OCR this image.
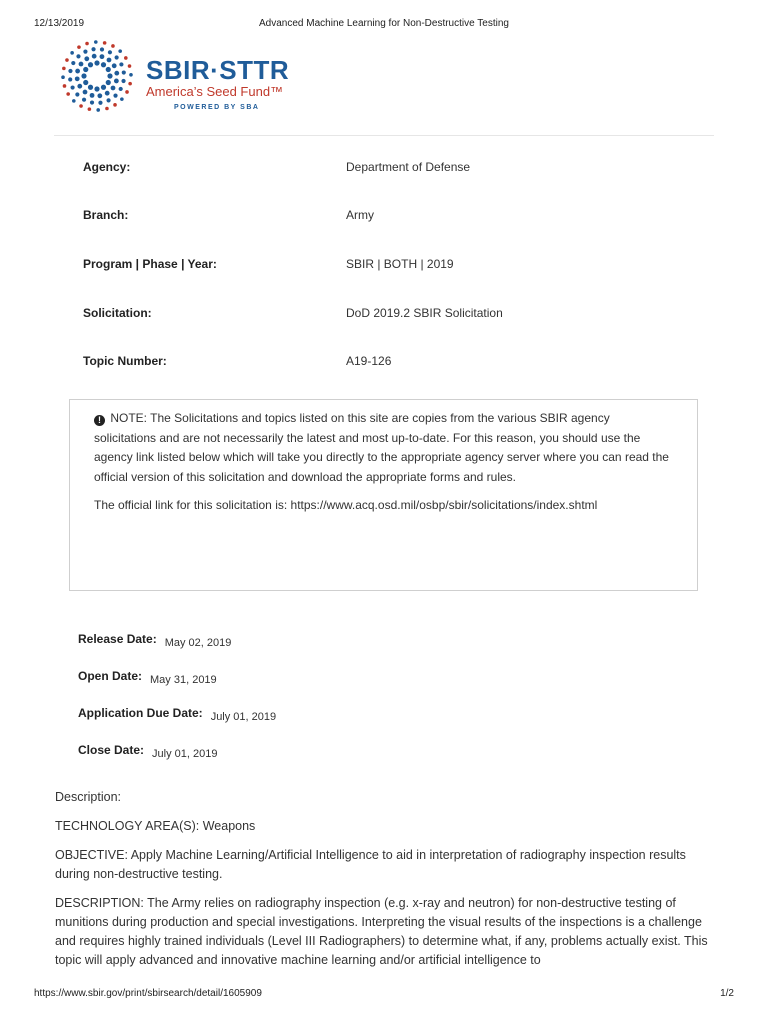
12/13/2019	Advanced Machine Learning for Non-Destructive Testing
SBIR·STTR
America’s Seed Fund™
POWERED BY SBA
Agency:	Department of Defense
Branch:	Army
Program | Phase | Year:	SBIR | BOTH | 2019
Solicitation:	DoD 2019.2 SBIR Solicitation
Topic Number:	A19-126

! NOTE: The Solicitations and topics listed on this site are copies from the various SBIR agency solicitations and are not necessarily the latest and most up-to-date. For this reason, you should use the agency link listed below which will take you directly to the appropriate agency server where you can read the official version of this solicitation and download the appropriate forms and rules.

The official link for this solicitation is: https://www.acq.osd.mil/osbp/sbir/solicitations/index.shtml

Release Date: May 02, 2019
Open Date: May 31, 2019
Application Due Date: July 01, 2019
Close Date: July 01, 2019

Description:

TECHNOLOGY AREA(S): Weapons

OBJECTIVE: Apply Machine Learning/Artificial Intelligence to aid in interpretation of radiography inspection results during non-destructive testing.

DESCRIPTION: The Army relies on radiography inspection (e.g. x-ray and neutron) for non-destructive testing of munitions during production and special investigations. Interpreting the visual results of the inspections is a challenge and requires highly trained individuals (Level III Radiographers) to determine what, if any, problems actually exist. This topic will apply advanced and innovative machine learning and/or artificial intelligence to

https://www.sbir.gov/print/sbirsearch/detail/1605909	1/2
